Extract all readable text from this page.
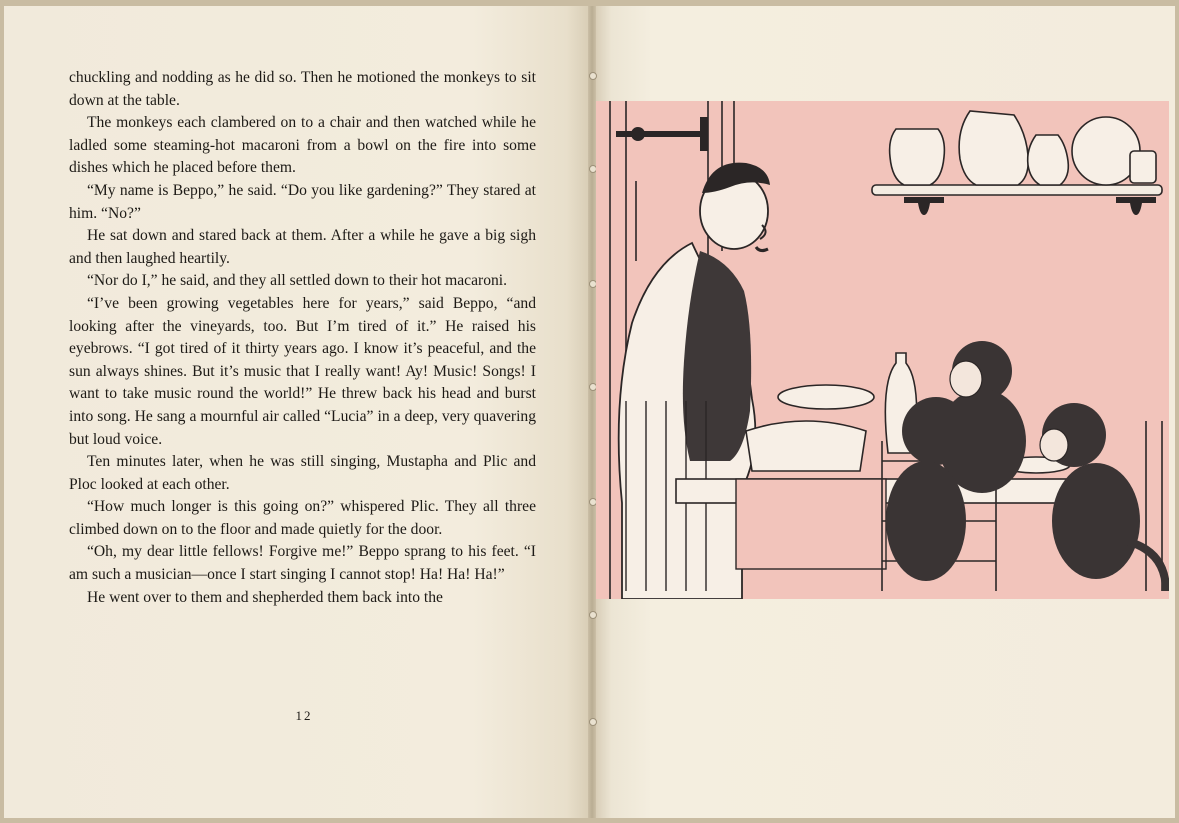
chuckling and nodding as he did so. Then he motioned the monkeys to sit down at the table.

The monkeys each clambered on to a chair and then watched while he ladled some steaming-hot macaroni from a bowl on the fire into some dishes which he placed before them.

“My name is Beppo,” he said. “Do you like gardening?” They stared at him. “No?”

He sat down and stared back at them. After a while he gave a big sigh and then laughed heartily.

“Nor do I,” he said, and they all settled down to their hot macaroni.

“I’ve been growing vegetables here for years,” said Beppo, “and looking after the vineyards, too. But I’m tired of it.” He raised his eyebrows. “I got tired of it thirty years ago. I know it’s peaceful, and the sun always shines. But it’s music that I really want! Ay! Music! Songs! I want to take music round the world!” He threw back his head and burst into song. He sang a mournful air called “Lucia” in a deep, very quavering but loud voice.

Ten minutes later, when he was still singing, Mustapha and Plic and Ploc looked at each other.

“How much longer is this going on?” whispered Plic. They all three climbed down on to the floor and made quietly for the door.

“Oh, my dear little fellows! Forgive me!” Beppo sprang to his feet. “I am such a musician—once I start singing I cannot stop! Ha! Ha! Ha!”

He went over to them and shepherded them back into the

12
